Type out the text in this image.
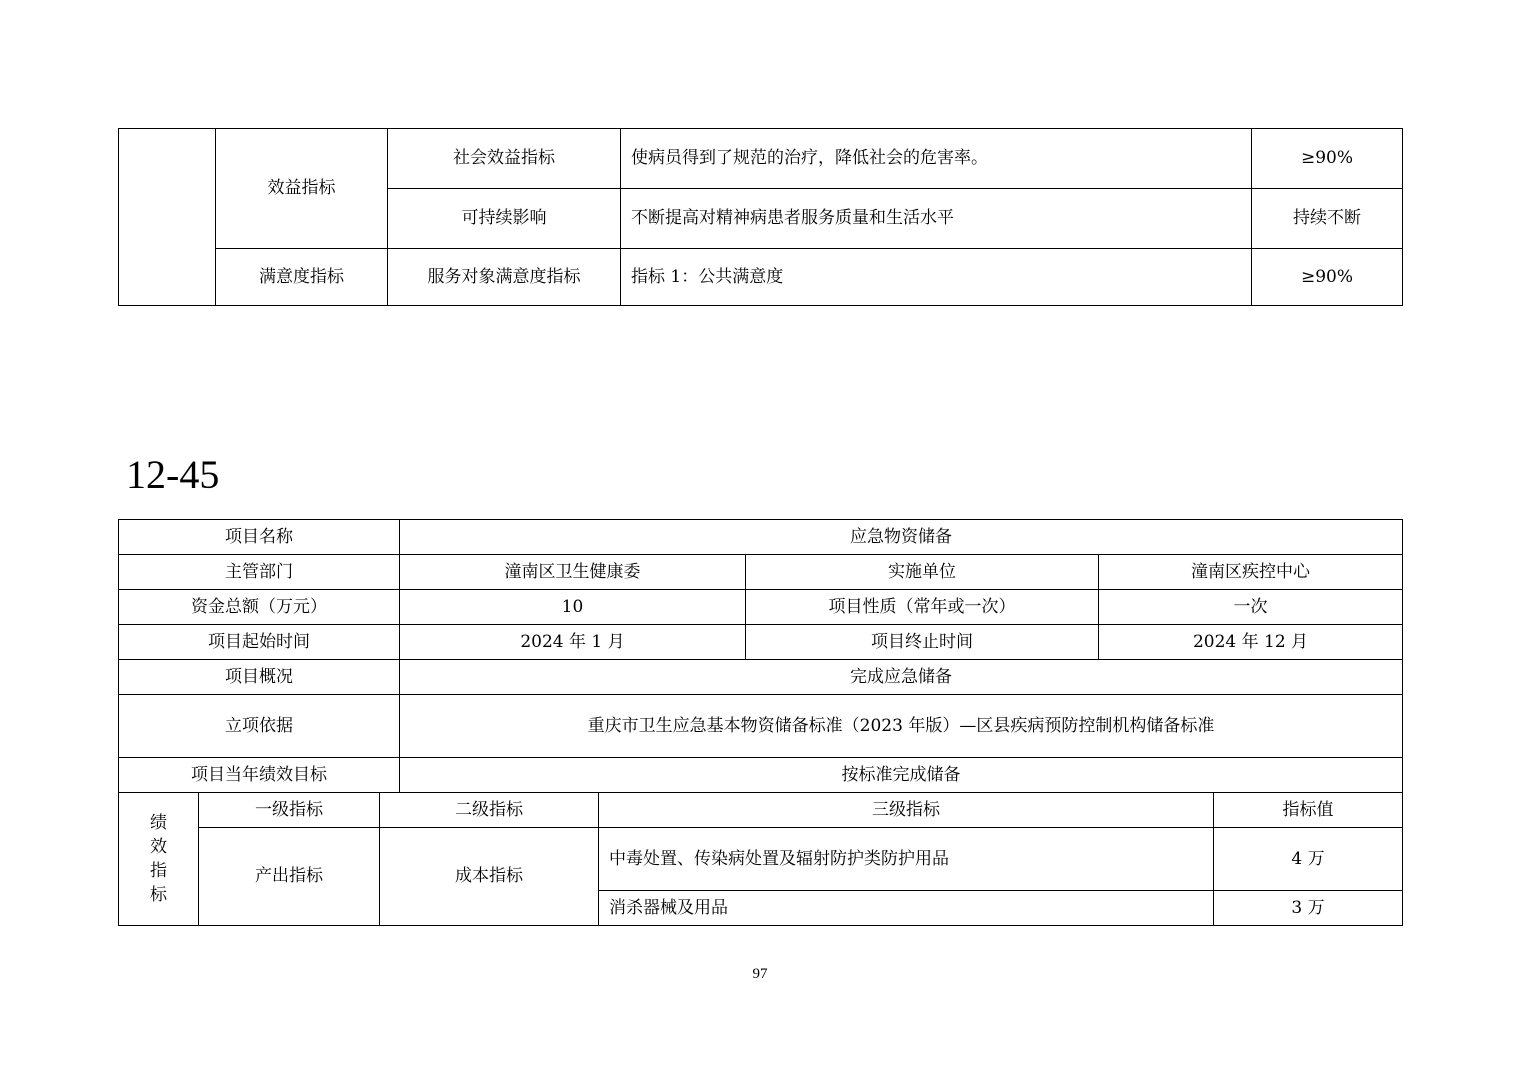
	效益指标	社会效益指标	使病员得到了规范的治疗，降低社会的危害率。	≥90%
		可持续影响	不断提高对精神病患者服务质量和生活水平	持续不断
	满意度指标	服务对象满意度指标	指标 1：公共满意度	≥90%
12-45
项目名称			应急物资储备				
主管部门			潼南区卫生健康委		实施单位	潼南区疾控中心	
资金总额（万元）			10		项目性质（常年或一次）	一次	
项目起始时间			2024 年 1 月		项目终止时间	2024 年 12 月	
项目概况			完成应急储备				
立项依据			重庆市卫生应急基本物资储备标准（2023 年版）—区县疾病预防控制机构储备标准				
项目当年绩效目标			按标准完成储备				
绩效指标	一级指标	二级指标		三级指标			指标值
	产出指标	成本指标		中毒处置、传染病处置及辐射防护类防护用品			4 万
				消杀器械及用品			3 万
97
